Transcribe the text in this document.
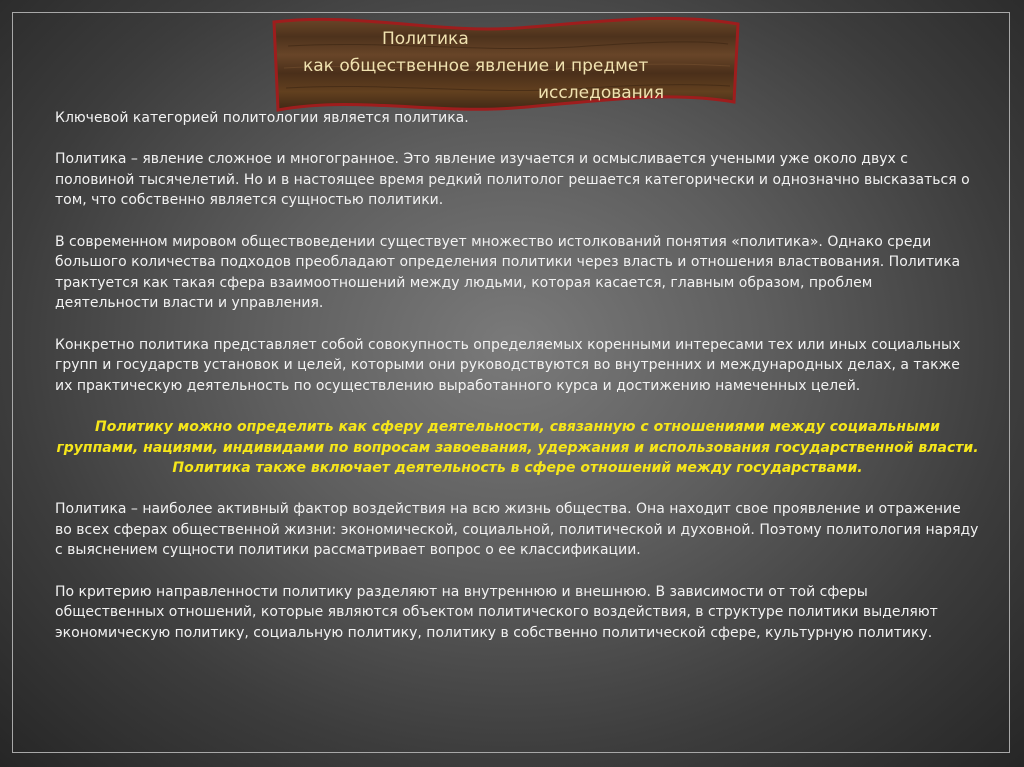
Политика
как общественное явление и предмет
исследования

Ключевой категорией политологии является политика.

Политика – явление сложное и многогранное. Это явление изучается и осмысливается учеными уже около двух с половиной тысячелетий. Но и в настоящее время редкий политолог решается категорически и однозначно высказаться о том, что собственно является сущностью политики.

В современном мировом обществоведении существует множество истолкований понятия «политика». Однако среди большого количества подходов преобладают определения политики через власть и отношения властвования. Политика трактуется как такая сфера взаимоотношений между людьми, которая касается, главным образом, проблем деятельности власти и управления.

Конкретно политика представляет собой совокупность определяемых коренными интересами тех или иных социальных групп и государств установок и целей, которыми они руководствуются во внутренних и международных делах, а также их практическую деятельность по осуществлению выработанного курса и достижению намеченных целей.

Политику можно определить как сферу деятельности, связанную с отношениями между социальными группами, нациями, индивидами по вопросам завоевания, удержания и использования государственной власти. Политика также включает деятельность в сфере отношений между государствами.

Политика – наиболее активный фактор воздействия на всю жизнь общества. Она находит свое проявление и отражение во всех сферах общественной жизни: экономической, социальной, политической и духовной. Поэтому политология наряду с выяснением сущности политики рассматривает вопрос о ее классификации.

По критерию направленности политику разделяют на внутреннюю и внешнюю. В зависимости от той сферы общественных отношений, которые являются объектом политического воздействия, в структуре политики выделяют экономическую политику, социальную политику, политику в собственно политической сфере, культурную политику.
